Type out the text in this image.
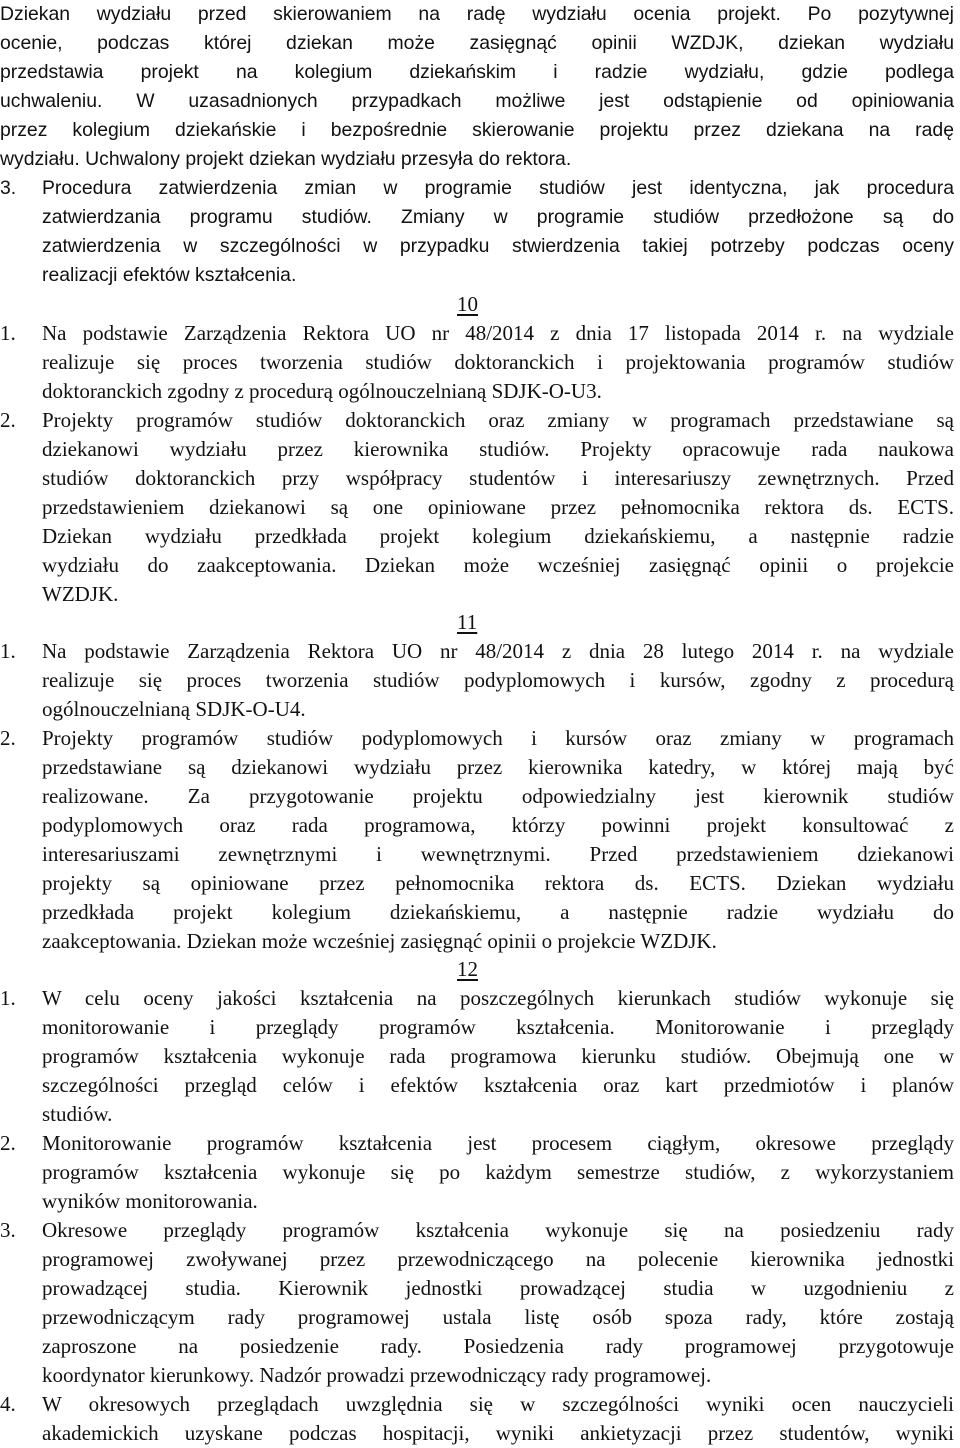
Dziekan wydziału przed skierowaniem na radę wydziału ocenia projekt. Po pozytywnej
ocenie, podczas której dziekan może zasięgnąć opinii WZDJK, dziekan wydziału
przedstawia projekt na kolegium dziekańskim i radzie wydziału, gdzie podlega
uchwaleniu. W uzasadnionych przypadkach możliwe jest odstąpienie od opiniowania
przez kolegium dziekańskie i bezpośrednie skierowanie projektu przez dziekana na radę
wydziału. Uchwalony projekt dziekan wydziału przesyła do rektora.
3.	Procedura zatwierdzenia zmian w programie studiów jest identyczna, jak procedura
zatwierdzania programu studiów. Zmiany w programie studiów przedłożone są do
zatwierdzenia w szczególności w przypadku stwierdzenia takiej potrzeby podczas oceny
realizacji efektów kształcenia.
10
1.	Na podstawie Zarządzenia Rektora UO nr 48/2014 z dnia 17 listopada 2014 r. na wydziale
realizuje się proces tworzenia studiów doktoranckich i projektowania programów studiów
doktoranckich zgodny z procedurą ogólnouczelnianą SDJK-O-U3.
2.	Projekty programów studiów doktoranckich oraz zmiany w programach przedstawiane są
dziekanowi wydziału przez kierownika studiów. Projekty opracowuje rada naukowa
studiów doktoranckich przy współpracy studentów i interesariuszy zewnętrznych. Przed
przedstawieniem dziekanowi są one opiniowane przez pełnomocnika rektora ds. ECTS.
Dziekan wydziału przedkłada projekt kolegium dziekańskiemu, a następnie radzie
wydziału do zaakceptowania. Dziekan może wcześniej zasięgnąć opinii o projekcie
WZDJK.
11
1.	Na podstawie Zarządzenia Rektora UO nr 48/2014 z dnia 28 lutego 2014 r. na wydziale
realizuje się proces tworzenia studiów podyplomowych i kursów, zgodny z procedurą
ogólnouczelnianą SDJK-O-U4.
2.	Projekty programów studiów podyplomowych i kursów oraz zmiany w programach
przedstawiane są dziekanowi wydziału przez kierownika katedry, w której mają być
realizowane. Za przygotowanie projektu odpowiedzialny jest kierownik studiów
podyplomowych oraz rada programowa, którzy powinni projekt konsultować z
interesariuszami zewnętrznymi i wewnętrznymi. Przed przedstawieniem dziekanowi
projekty są opiniowane przez pełnomocnika rektora ds. ECTS. Dziekan wydziału
przedkłada projekt kolegium dziekańskiemu, a następnie radzie wydziału do
zaakceptowania. Dziekan może wcześniej zasięgnąć opinii o projekcie WZDJK.
12
1.	W celu oceny jakości kształcenia na poszczególnych kierunkach studiów wykonuje się
monitorowanie i przeglądy programów kształcenia. Monitorowanie i przeglądy
programów kształcenia wykonuje rada programowa kierunku studiów. Obejmują one w
szczególności przegląd celów i efektów kształcenia oraz kart przedmiotów i planów
studiów.
2.	Monitorowanie programów kształcenia jest procesem ciągłym, okresowe przeglądy
programów kształcenia wykonuje się po każdym semestrze studiów, z wykorzystaniem
wyników monitorowania.
3.	Okresowe przeglądy programów kształcenia wykonuje się na posiedzeniu rady
programowej zwoływanej przez przewodniczącego na polecenie kierownika jednostki
prowadzącej studia. Kierownik jednostki prowadzącej studia w uzgodnieniu z
przewodniczącym rady programowej ustala listę osób spoza rady, które zostają
zaproszone na posiedzenie rady. Posiedzenia rady programowej przygotowuje
koordynator kierunkowy. Nadzór prowadzi przewodniczący rady programowej.
4.	W okresowych przeglądach uwzględnia się w szczególności wyniki ocen nauczycieli
akademickich uzyskane podczas hospitacji, wyniki ankietyzacji przez studentów, wyniki
